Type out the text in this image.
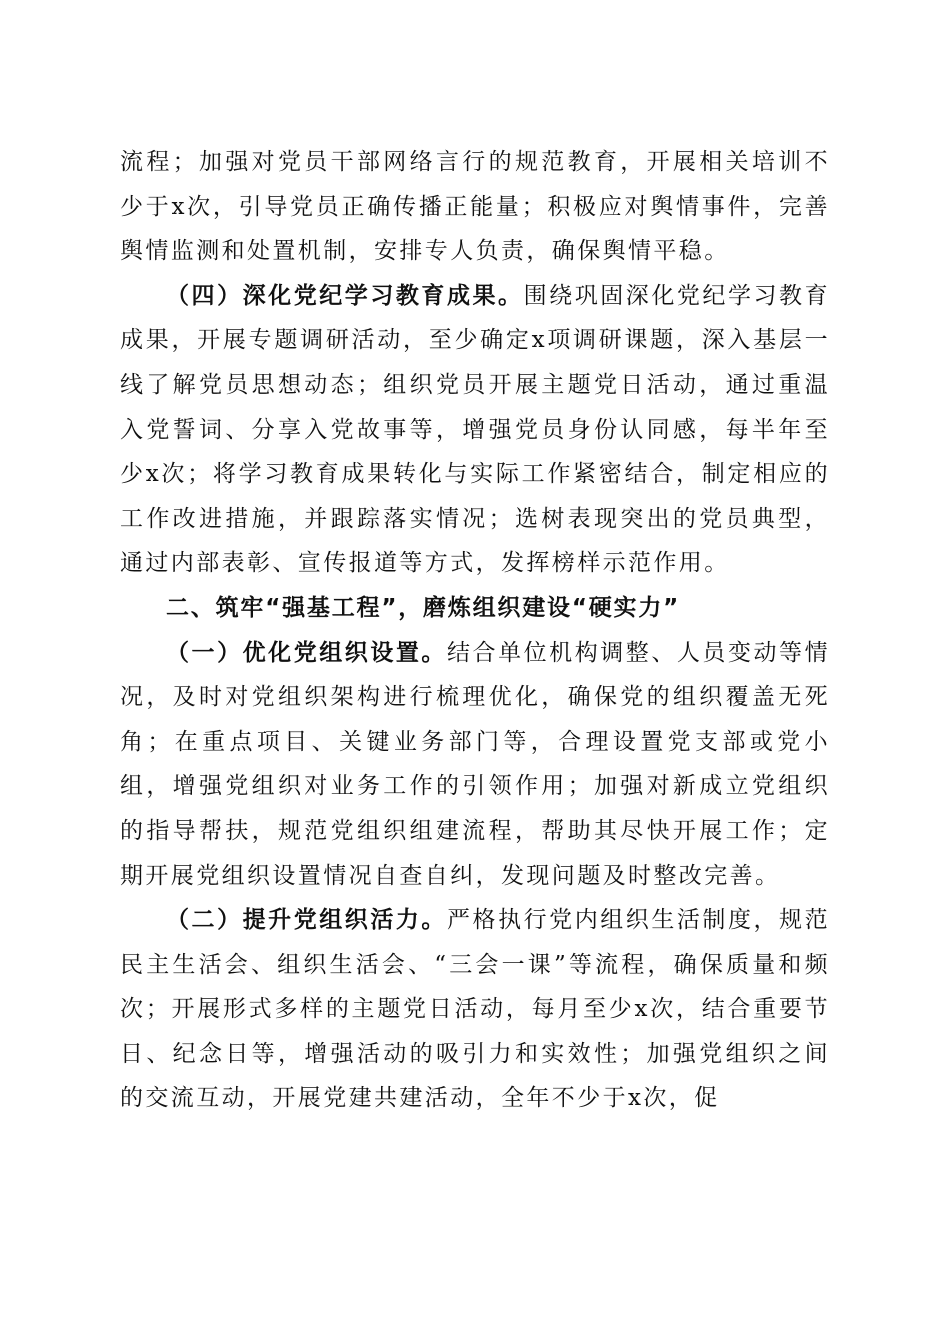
流程；加强对党员干部网络言行的规范教育，开展相关培训不少于x次，引导党员正确传播正能量；积极应对舆情事件，完善舆情监测和处置机制，安排专人负责，确保舆情平稳。

（四）深化党纪学习教育成果。围绕巩固深化党纪学习教育成果，开展专题调研活动，至少确定x项调研课题，深入基层一线了解党员思想动态；组织党员开展主题党日活动，通过重温入党誓词、分享入党故事等，增强党员身份认同感，每半年至少x次；将学习教育成果转化与实际工作紧密结合，制定相应的工作改进措施，并跟踪落实情况；选树表现突出的党员典型，通过内部表彰、宣传报道等方式，发挥榜样示范作用。

二、筑牢“强基工程”，磨炼组织建设“硬实力”

（一）优化党组织设置。结合单位机构调整、人员变动等情况，及时对党组织架构进行梳理优化，确保党的组织覆盖无死角；在重点项目、关键业务部门等，合理设置党支部或党小组，增强党组织对业务工作的引领作用；加强对新成立党组织的指导帮扶，规范党组织组建流程，帮助其尽快开展工作；定期开展党组织设置情况自查自纠，发现问题及时整改完善。

（二）提升党组织活力。严格执行党内组织生活制度，规范民主生活会、组织生活会、“三会一课”等流程，确保质量和频次；开展形式多样的主题党日活动，每月至少x次，结合重要节日、纪念日等，增强活动的吸引力和实效性；加强党组织之间的交流互动，开展党建共建活动，全年不少于x次，促
